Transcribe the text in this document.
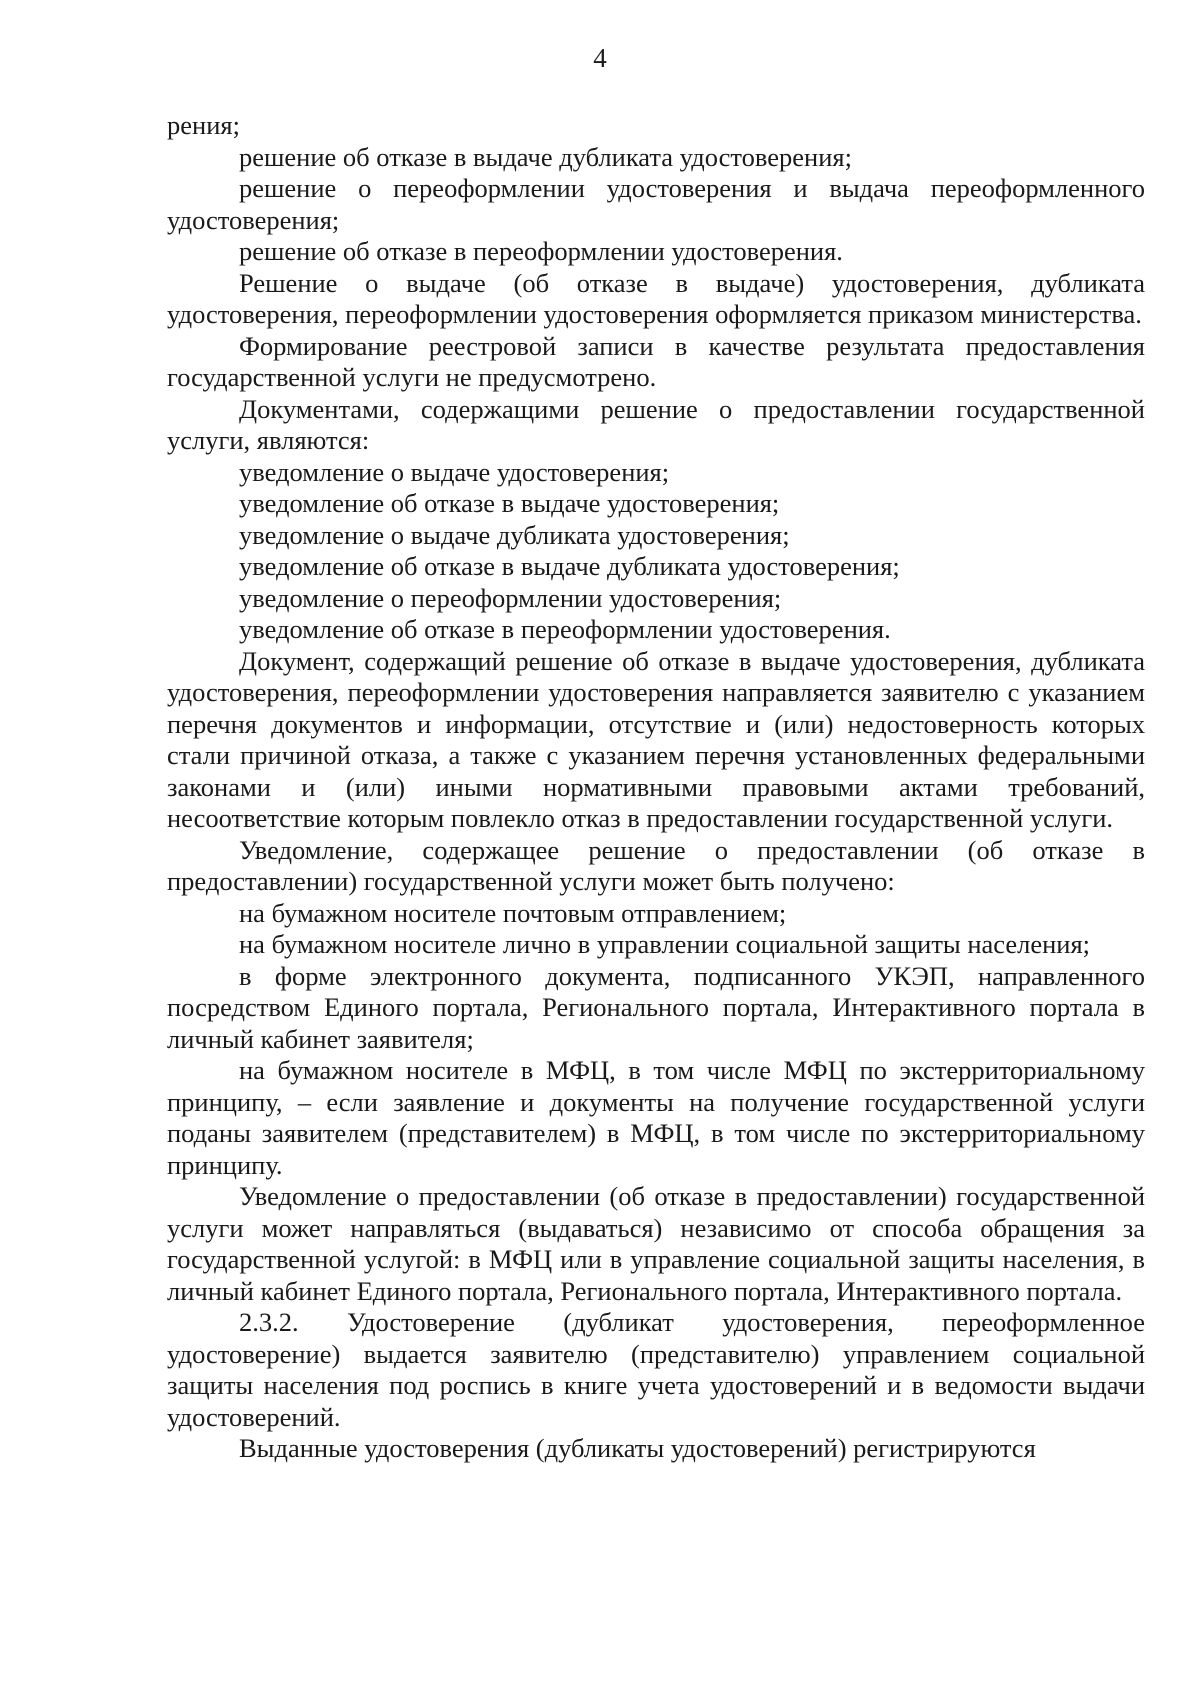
4

рения;

решение об отказе в выдаче дубликата удостоверения;

решение о переоформлении удостоверения и выдача переоформленного удостоверения;

решение об отказе в переоформлении удостоверения.

Решение о выдаче (об отказе в выдаче) удостоверения, дубликата удостоверения, переоформлении удостоверения оформляется приказом министерства.

Формирование реестровой записи в качестве результата предоставления государственной услуги не предусмотрено.

Документами, содержащими решение о предоставлении государственной услуги, являются:

уведомление о выдаче удостоверения;

уведомление об отказе в выдаче удостоверения;

уведомление о выдаче дубликата удостоверения;

уведомление об отказе в выдаче дубликата удостоверения;

уведомление о переоформлении удостоверения;

уведомление об отказе в переоформлении удостоверения.

Документ, содержащий решение об отказе в выдаче удостоверения, дубликата удостоверения, переоформлении удостоверения направляется заявителю с указанием перечня документов и информации, отсутствие и (или) недостоверность которых стали причиной отказа, а также с указанием перечня установленных федеральными законами и (или) иными нормативными правовыми актами требований, несоответствие которым повлекло отказ в предоставлении государственной услуги.

Уведомление, содержащее решение о предоставлении (об отказе в предоставлении) государственной услуги может быть получено:

на бумажном носителе почтовым отправлением;

на бумажном носителе лично в управлении социальной защиты населения;

в форме электронного документа, подписанного УКЭП, направленного посредством Единого портала, Регионального портала, Интерактивного портала в личный кабинет заявителя;

на бумажном носителе в МФЦ, в том числе МФЦ по экстерриториальному принципу, – если заявление и документы на получение государственной услуги поданы заявителем (представителем) в МФЦ, в том числе по экстерриториальному принципу.

Уведомление о предоставлении (об отказе в предоставлении) государственной услуги может направляться (выдаваться) независимо от способа обращения за государственной услугой: в МФЦ или в управление социальной защиты населения, в личный кабинет Единого портала, Регионального портала, Интерактивного портала.

2.3.2. Удостоверение (дубликат удостоверения, переоформленное удостоверение) выдается заявителю (представителю) управлением социальной защиты населения под роспись в книге учета удостоверений и в ведомости выдачи удостоверений.

Выданные удостоверения (дубликаты удостоверений) регистрируются
